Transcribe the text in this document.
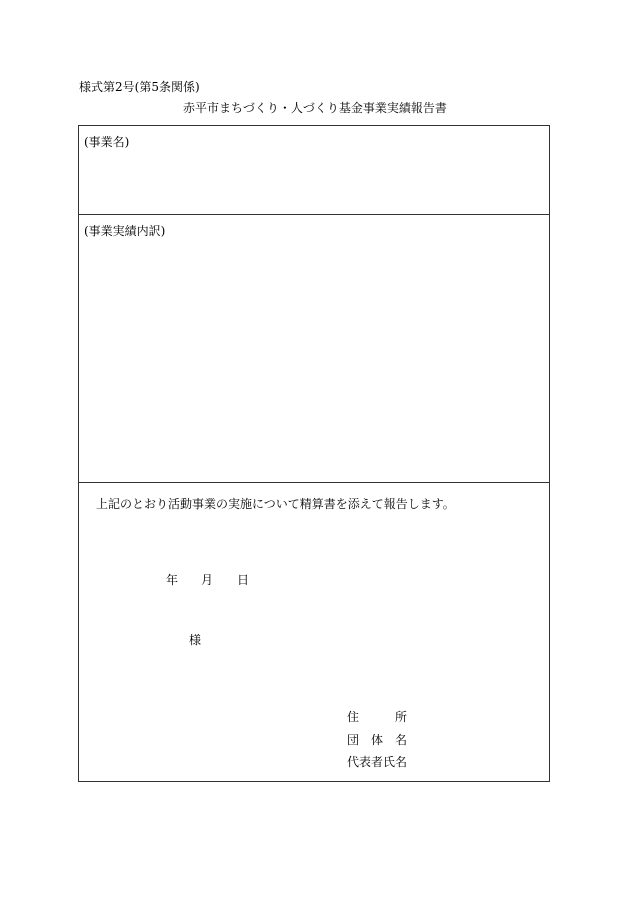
様式第2号(第5条関係)
赤平市まちづくり・人づくり基金事業実績報告書
(事業名)
(事業実績内訳)
上記のとおり活動事業の実施について精算書を添えて報告します。
年 月 日
様
住　　　所
団　体　名
代表者氏名
